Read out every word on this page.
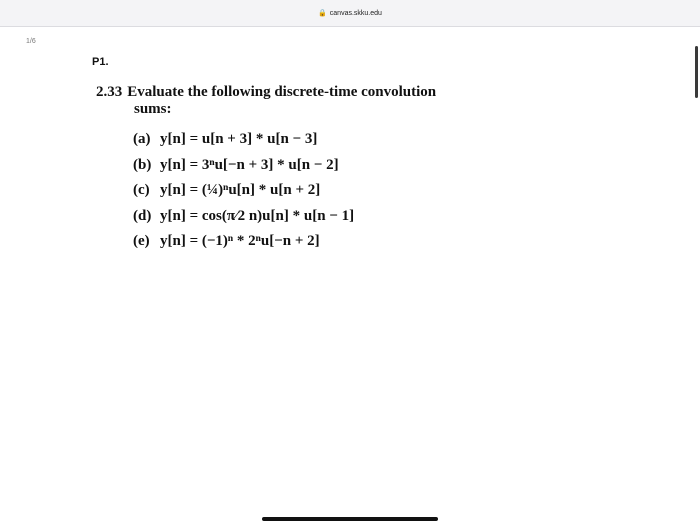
🔒 canvas.skku.edu
1/6
P1.
2.33 Evaluate the following discrete-time convolution
sums:
(a) y[n] = u[n + 3] * u[n − 3]
(b) y[n] = 3ⁿu[−n + 3] * u[n − 2]
(c) y[n] = (¼)ⁿu[n] * u[n + 2]
(d) y[n] = cos(π⁄2 n)u[n] * u[n − 1]
(e) y[n] = (−1)ⁿ * 2ⁿu[−n + 2]
